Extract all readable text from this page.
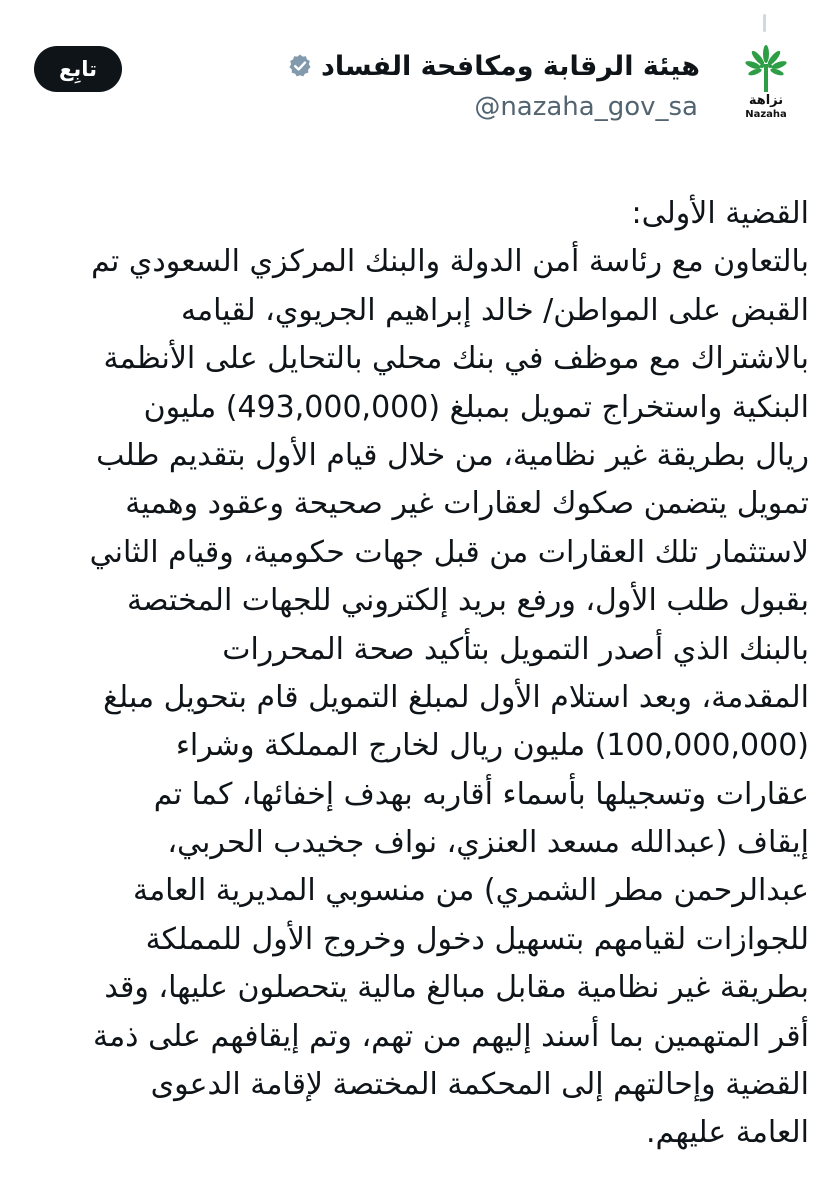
نزاهة
Nazaha
هيئة الرقابة ومكافحة الفساد
@nazaha_gov_sa
تابِع
القضية الأولى:
بالتعاون مع رئاسة أمن الدولة والبنك المركزي السعودي تم
القبض على المواطن/ خالد إبراهيم الجريوي، لقيامه
بالاشتراك مع موظف في بنك محلي بالتحايل على الأنظمة
البنكية واستخراج تمويل بمبلغ (493,000,000) مليون
ريال بطريقة غير نظامية، من خلال قيام الأول بتقديم طلب
تمويل يتضمن صكوك لعقارات غير صحيحة وعقود وهمية
لاستثمار تلك العقارات من قبل جهات حكومية، وقيام الثاني
بقبول طلب الأول، ورفع بريد إلكتروني للجهات المختصة
بالبنك الذي أصدر التمويل بتأكيد صحة المحررات
المقدمة، وبعد استلام الأول لمبلغ التمويل قام بتحويل مبلغ
(100,000,000) مليون ريال لخارج المملكة وشراء
عقارات وتسجيلها بأسماء أقاربه بهدف إخفائها، كما تم
إيقاف (عبدالله مسعد العنزي، نواف جخيدب الحربي،
عبدالرحمن مطر الشمري) من منسوبي المديرية العامة
للجوازات لقيامهم بتسهيل دخول وخروج الأول للمملكة
بطريقة غير نظامية مقابل مبالغ مالية يتحصلون عليها، وقد
أقر المتهمين بما أسند إليهم من تهم، وتم إيقافهم على ذمة
القضية وإحالتهم إلى المحكمة المختصة لإقامة الدعوى
العامة عليهم.
